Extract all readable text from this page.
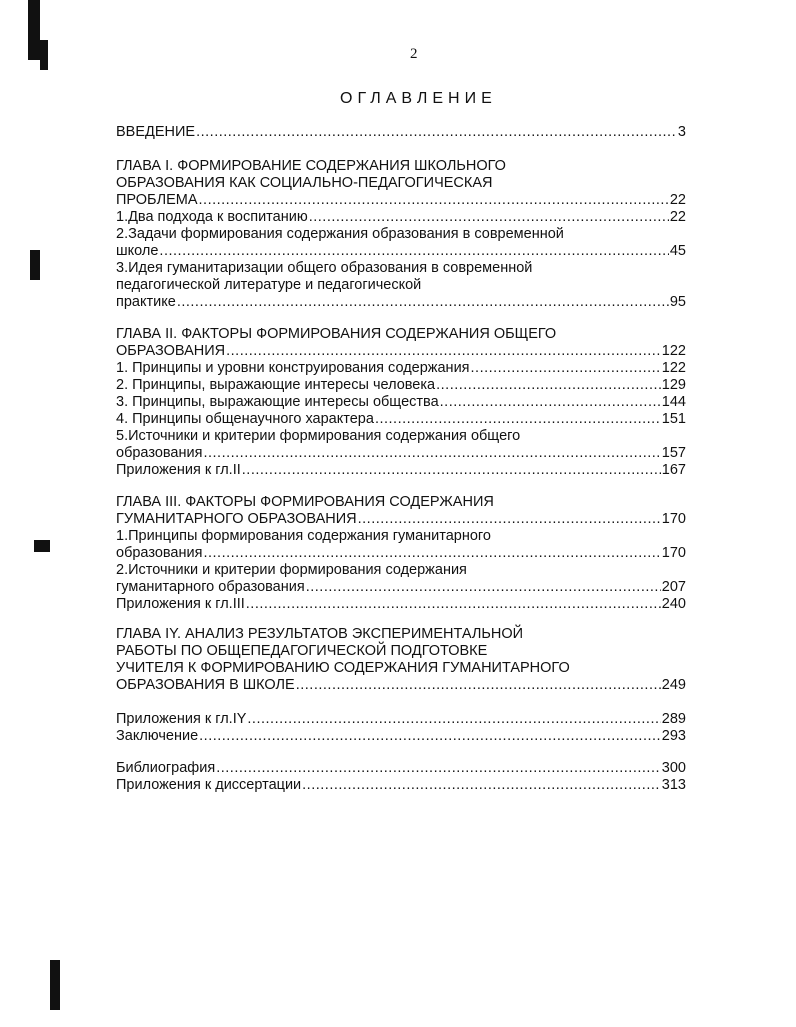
2
ОГЛАВЛЕНИЕ
ВВЕДЕНИЕ .....	3
ГЛАВА I. ФОРМИРОВАНИЕ СОДЕРЖАНИЯ ШКОЛЬНОГО
ОБРАЗОВАНИЯ КАК СОЦИАЛЬНО-ПЕДАГОГИЧЕСКАЯ
ПРОБЛЕМА .....	22
1.Два подхода к воспитанию .....	22
2.Задачи формирования содержания образования в современной
школе .....	45
3.Идея гуманитаризации общего образования в современной
педагогической литературе и педагогической
практике .....	95
ГЛАВА II. ФАКТОРЫ ФОРМИРОВАНИЯ СОДЕРЖАНИЯ ОБЩЕГО
ОБРАЗОВАНИЯ .....	122
1. Принципы и уровни конструирования содержания .....	122
2. Принципы, выражающие интересы человека .....	129
3. Принципы, выражающие интересы общества .....	144
4. Принципы общенаучного характера .....	151
5.Источники и критерии формирования содержания общего
образования .....	157
Приложения к гл.II .....	167
ГЛАВА III. ФАКТОРЫ ФОРМИРОВАНИЯ СОДЕРЖАНИЯ
ГУМАНИТАРНОГО ОБРАЗОВАНИЯ .....	170
1.Принципы формирования содержания гуманитарного
образования .....	170
2.Источники и критерии формирования содержания
гуманитарного образования .....	207
Приложения к гл.III .....	240
ГЛАВА IY. АНАЛИЗ РЕЗУЛЬТАТОВ ЭКСПЕРИМЕНТАЛЬНОЙ
РАБОТЫ ПО ОБЩЕПЕДАГОГИЧЕСКОЙ ПОДГОТОВКЕ
УЧИТЕЛЯ К ФОРМИРОВАНИЮ СОДЕРЖАНИЯ ГУМАНИТАРНОГО
ОБРАЗОВАНИЯ В ШКОЛЕ .....	249
Приложения к гл.IY .....	289
Заключение .....	293
Библиография .....	300
Приложения к диссертации .....	313
